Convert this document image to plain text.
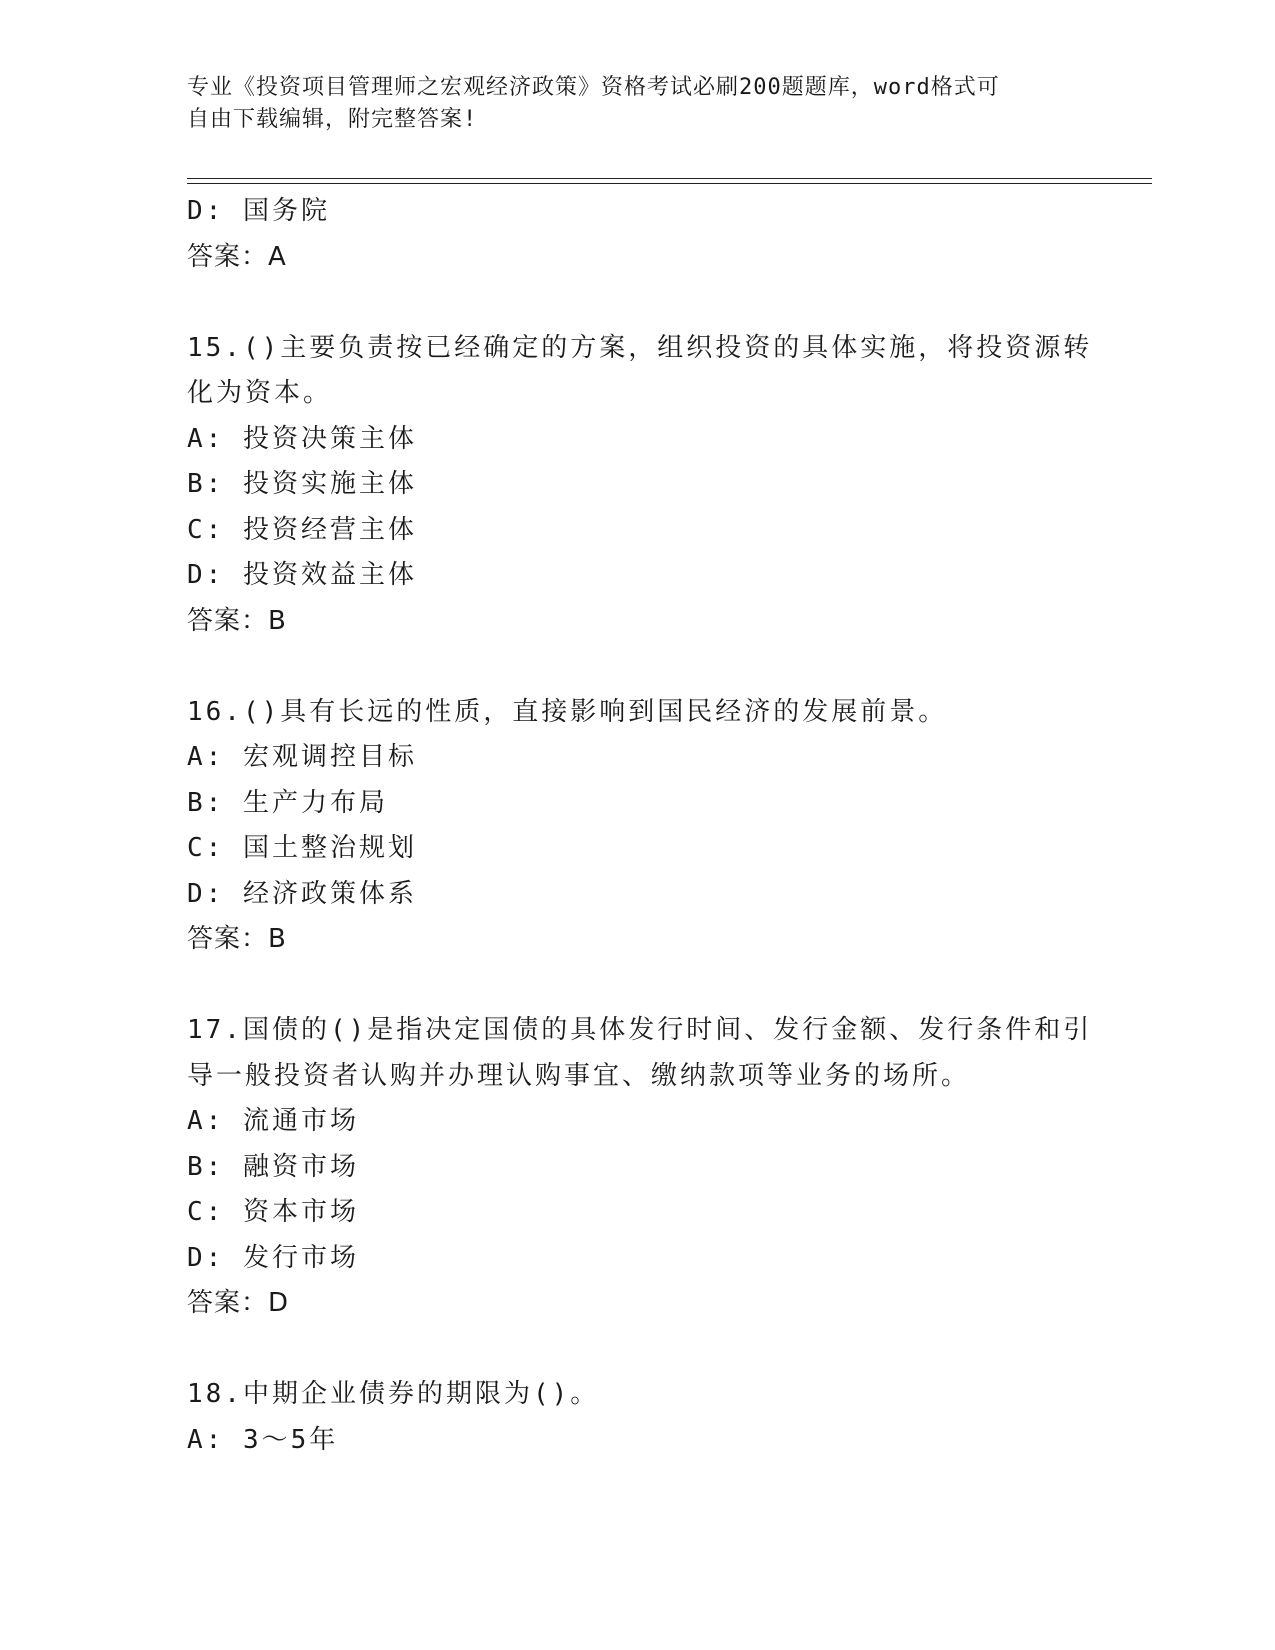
专业《投资项目管理师之宏观经济政策》资格考试必刷200题题库，word格式可
自由下载编辑，附完整答案!
D: 国务院
答案：A
15.()主要负责按已经确定的方案，组织投资的具体实施，将投资源转
化为资本。
A: 投资决策主体
B: 投资实施主体
C: 投资经营主体
D: 投资效益主体
答案：B
16.()具有长远的性质，直接影响到国民经济的发展前景。
A: 宏观调控目标
B: 生产力布局
C: 国土整治规划
D: 经济政策体系
答案：B
17.国债的()是指决定国债的具体发行时间、发行金额、发行条件和引
导一般投资者认购并办理认购事宜、缴纳款项等业务的场所。
A: 流通市场
B: 融资市场
C: 资本市场
D: 发行市场
答案：D
18.中期企业债券的期限为()。
A: 3～5年
